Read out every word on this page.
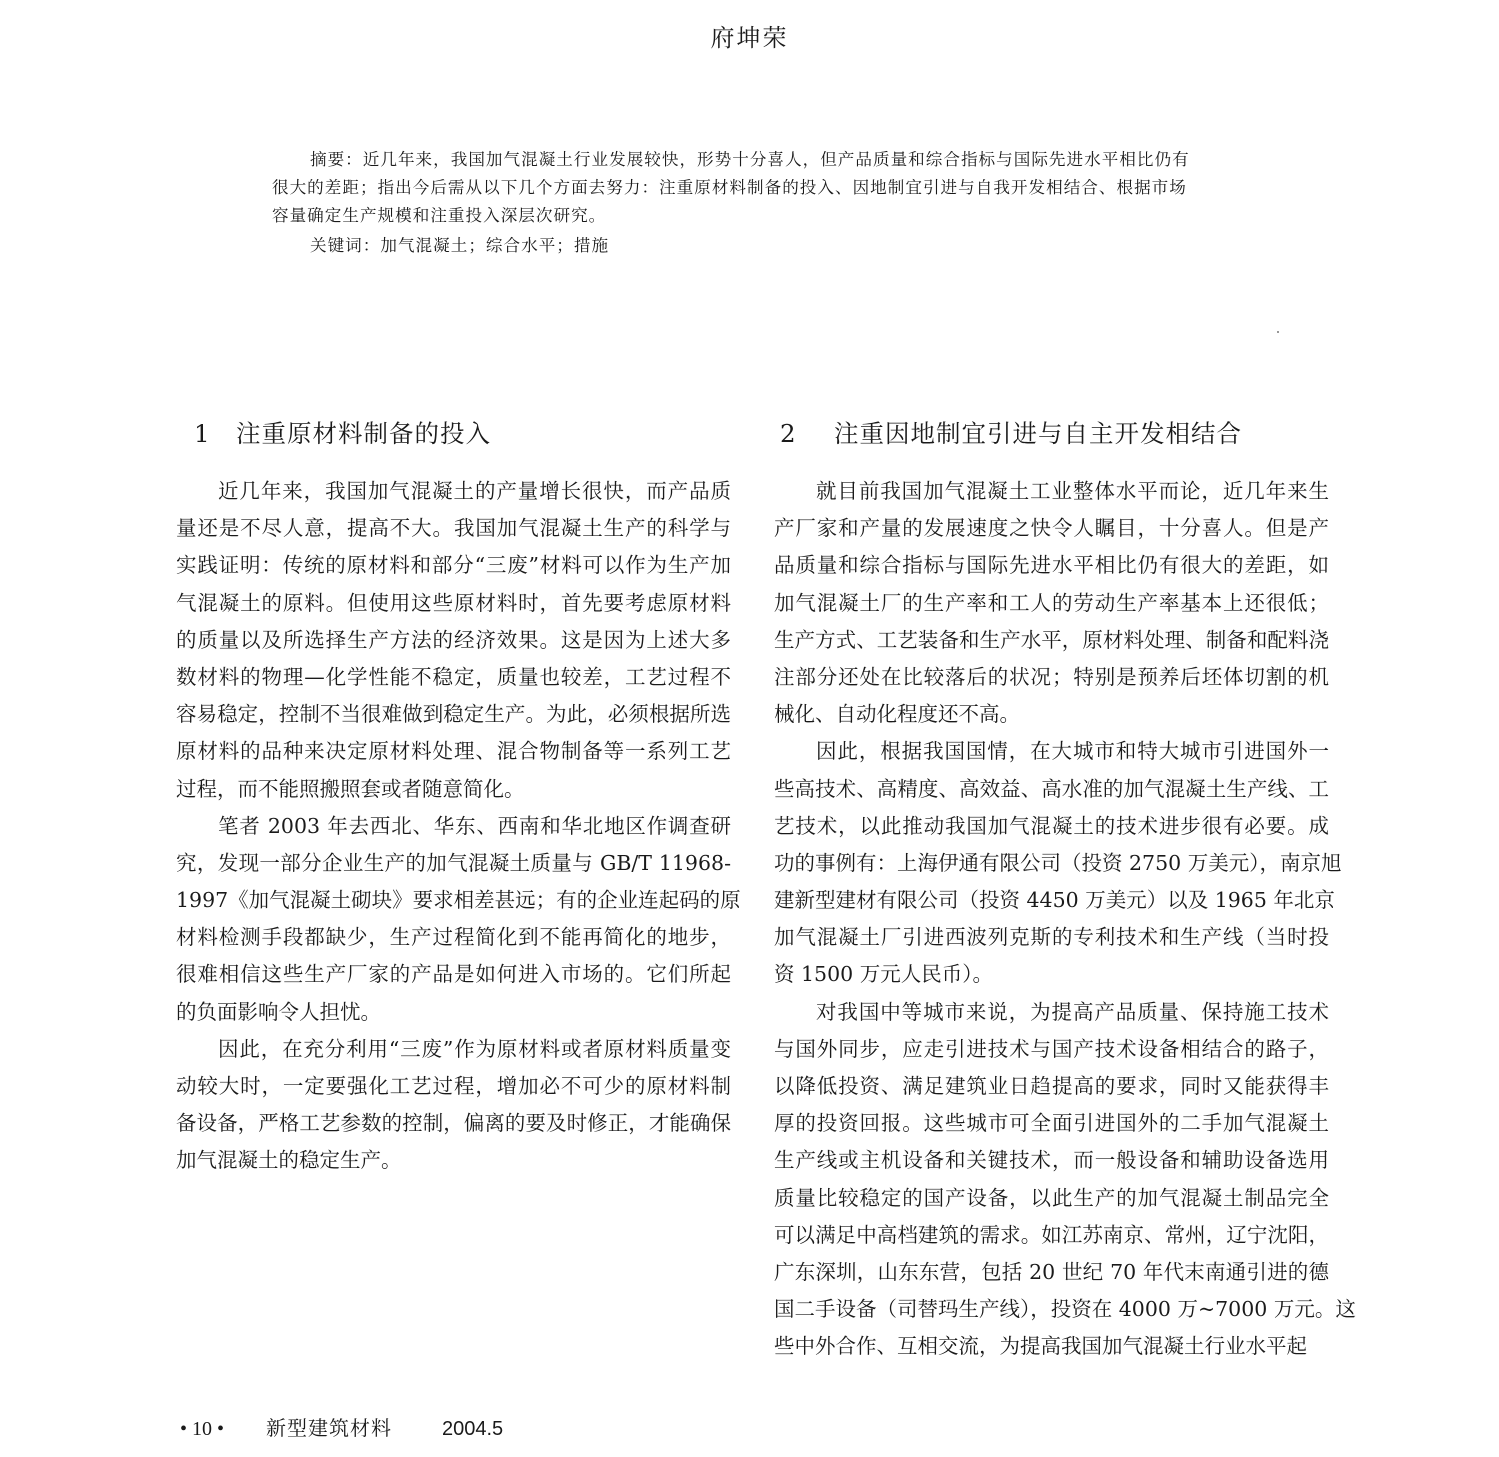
府坤荣
摘要：近几年来，我国加气混凝土行业发展较快，形势十分喜人，但产品质量和综合指标与国际先进水平相比仍有
很大的差距；指出今后需从以下几个方面去努力：注重原材料制备的投入、因地制宜引进与自我开发相结合、根据市场
容量确定生产规模和注重投入深层次研究。
关键词：加气混凝土；综合水平；措施
1 注重原材料制备的投入
近几年来，我国加气混凝土的产量增长很快，而产品质
量还是不尽人意，提高不大。我国加气混凝土生产的科学与
实践证明：传统的原材料和部分“三废”材料可以作为生产加
气混凝土的原料。但使用这些原材料时，首先要考虑原材料
的质量以及所选择生产方法的经济效果。这是因为上述大多
数材料的物理—化学性能不稳定，质量也较差，工艺过程不
容易稳定，控制不当很难做到稳定生产。为此，必须根据所选
原材料的品种来决定原材料处理、混合物制备等一系列工艺
过程，而不能照搬照套或者随意简化。
笔者 2003 年去西北、华东、西南和华北地区作调查研
究，发现一部分企业生产的加气混凝土质量与 GB/T 11968-
1997《加气混凝土砌块》要求相差甚远；有的企业连起码的原
材料检测手段都缺少，生产过程简化到不能再简化的地步，
很难相信这些生产厂家的产品是如何进入市场的。它们所起
的负面影响令人担忧。
因此，在充分利用“三废”作为原材料或者原材料质量变
动较大时，一定要强化工艺过程，增加必不可少的原材料制
备设备，严格工艺参数的控制，偏离的要及时修正，才能确保
加气混凝土的稳定生产。
2 注重因地制宜引进与自主开发相结合
就目前我国加气混凝土工业整体水平而论，近几年来生
产厂家和产量的发展速度之快令人瞩目，十分喜人。但是产
品质量和综合指标与国际先进水平相比仍有很大的差距，如
加气混凝土厂的生产率和工人的劳动生产率基本上还很低；
生产方式、工艺装备和生产水平，原材料处理、制备和配料浇
注部分还处在比较落后的状况；特别是预养后坯体切割的机
械化、自动化程度还不高。
因此，根据我国国情，在大城市和特大城市引进国外一
些高技术、高精度、高效益、高水准的加气混凝土生产线、工
艺技术，以此推动我国加气混凝土的技术进步很有必要。成
功的事例有：上海伊通有限公司（投资 2750 万美元），南京旭
建新型建材有限公司（投资 4450 万美元）以及 1965 年北京
加气混凝土厂引进西波列克斯的专利技术和生产线（当时投
资 1500 万元人民币）。
对我国中等城市来说，为提高产品质量、保持施工技术
与国外同步，应走引进技术与国产技术设备相结合的路子，
以降低投资、满足建筑业日趋提高的要求，同时又能获得丰
厚的投资回报。这些城市可全面引进国外的二手加气混凝土
生产线或主机设备和关键技术，而一般设备和辅助设备选用
质量比较稳定的国产设备，以此生产的加气混凝土制品完全
可以满足中高档建筑的需求。如江苏南京、常州，辽宁沈阳，
广东深圳，山东东营，包括 20 世纪 70 年代末南通引进的德
国二手设备（司替玛生产线），投资在 4000 万~7000 万元。这
些中外合作、互相交流，为提高我国加气混凝土行业水平起
• 10 • 新型建筑材料	2004.5
